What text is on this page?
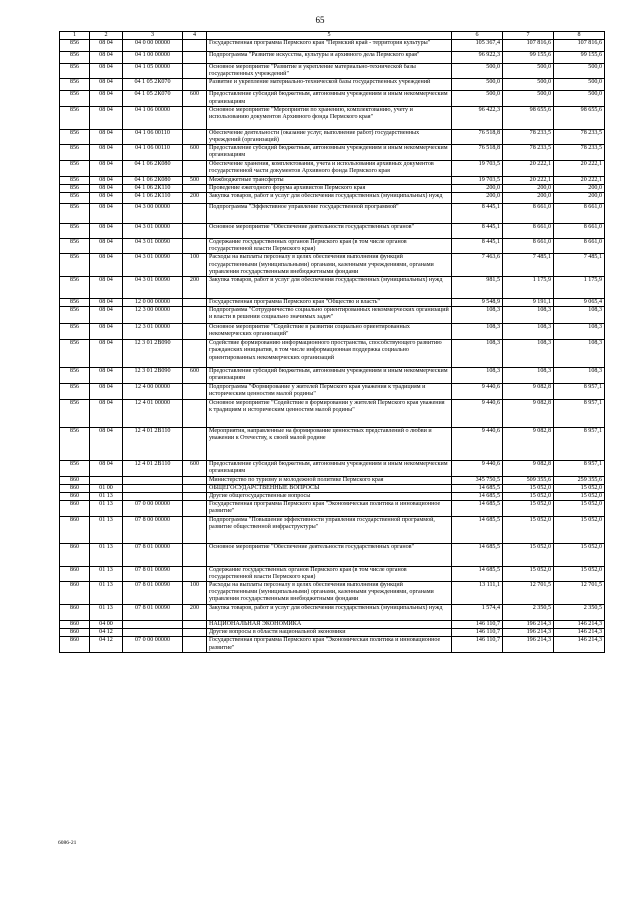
65
1	2	3	4	5	6	7	8
856	08 04	04 0 00 00000		Государственная программа Пермского края "Пермский край - территория культуры"	105 367,4	107 816,6	107 816,6
856	08 04	04 1 00 00000		Подпрограмма "Развитие искусства, культуры и архивного дела Пермского края"	96 922,3	99 155,6	99 155,6
856	08 04	04 1 05 00000		Основное мероприятие "Развитие и укрепление материально-технической базы государственных учреждений"	500,0	500,0	500,0
856	08 04	04 1 05 2К070		Развитие и укрепление материально-технической базы государственных учреждений	500,0	500,0	500,0
856	08 04	04 1 05 2К070	600	Предоставление субсидий бюджетным, автономным учреждениям и иным некоммерческим организациям	500,0	500,0	500,0
856	08 04	04 1 06 00000		Основное мероприятие "Мероприятия по хранению, комплектованию, учету и использованию документов Архивного фонда Пермского края"	96 422,3	98 655,6	98 655,6
856	08 04	04 1 06 00110		Обеспечение деятельности (оказание услуг, выполнение работ) государственных учреждений (организаций)	76 518,8	78 233,5	78 233,5
856	08 04	04 1 06 00110	600	Предоставление субсидий бюджетным, автономным учреждениям и иным некоммерческим организациям	76 518,8	78 233,5	78 233,5
856	08 04	04 1 06 2К080		Обеспечение хранения, комплектования, учета и использования архивных документов государственной части документов Архивного фонда Пермского края	19 703,5	20 222,1	20 222,1
856	08 04	04 1 06 2К080	500	Межбюджетные трансферты	19 703,5	20 222,1	20 222,1
856	08 04	04 1 06 2К110		Проведение ежегодного форума архивистов Пермского края	200,0	200,0	200,0
856	08 04	04 1 06 2К110	200	Закупка товаров, работ и услуг для обеспечения государственных (муниципальных) нужд	200,0	200,0	200,0
856	08 04	04 3 00 00000		Подпрограмма "Эффективное управление государственной программой"	8 445,1	8 661,0	8 661,0
856	08 04	04 3 01 00000		Основное мероприятие "Обеспечение деятельности государственных органов"	8 445,1	8 661,0	8 661,0
856	08 04	04 3 01 00090		Содержание государственных органов Пермского края (в том числе органов государственной власти Пермского края)	8 445,1	8 661,0	8 661,0
856	08 04	04 3 01 00090	100	Расходы на выплаты персоналу в целях обеспечения выполнения функций государственными (муниципальными) органами, казенными учреждениями, органами управления государственными внебюджетными фондами	7 463,6	7 485,1	7 485,1
856	08 04	04 3 01 00090	200	Закупка товаров, работ и услуг для обеспечения государственных (муниципальных) нужд	981,5	1 175,9	1 175,9
856	08 04	12 0 00 00000		Государственная программа Пермского края "Общество и власть"	9 548,9	9 191,1	9 065,4
856	08 04	12 3 00 00000		Подпрограмма "Сотрудничество социально ориентированных некоммерческих организаций и власти в решении социально значимых задач"	108,3	108,3	108,3
856	08 04	12 3 01 00000		Основное мероприятие "Содействие в развитии социально ориентированных некоммерческих организаций"	108,3	108,3	108,3
856	08 04	12 3 01 2В090		Содействие формированию информационного пространства, способствующего развитию гражданских инициатив, в том числе информационная поддержка социально ориентированных некоммерческих организаций	108,3	108,3	108,3
856	08 04	12 3 01 2В090	600	Предоставление субсидий бюджетным, автономным учреждениям и иным некоммерческим организациям	108,3	108,3	108,3
856	08 04	12 4 00 00000		Подпрограмма "Формирование у жителей Пермского края уважения к традициям и историческим ценностям малой родины"	9 440,6	9 082,8	8 957,1
856	08 04	12 4 01 00000		Основное мероприятие "Содействие в формировании у жителей Пермского края уважения к традициям и историческим ценностям малой родины"	9 440,6	9 082,8	8 957,1
856	08 04	12 4 01 2В110		Мероприятия, направленные на формирование ценностных представлений о любви и уважении к Отечеству, к своей малой родине	9 440,6	9 082,8	8 957,1
856	08 04	12 4 01 2В110	600	Предоставление субсидий бюджетным, автономным учреждениям и иным некоммерческим организациям	9 440,6	9 082,8	8 957,1
860				Министерство по туризму и молодежной политике Пермского края	345 750,5	509 355,6	259 355,6
860	01 00			ОБЩЕГОСУДАРСТВЕННЫЕ ВОПРОСЫ	14 685,5	15 052,0	15 052,0
860	01 13			Другие общегосударственные вопросы	14 685,5	15 052,0	15 052,0
860	01 13	07 0 00 00000		Государственная программа Пермского края "Экономическая политика и инновационное развитие"	14 685,5	15 052,0	15 052,0
860	01 13	07 8 00 00000		Подпрограмма "Повышение эффективности управления государственной программой, развитие общественной инфраструктуры"	14 685,5	15 052,0	15 052,0
860	01 13	07 8 01 00000		Основное мероприятие "Обеспечение деятельности государственных органов"	14 685,5	15 052,0	15 052,0
860	01 13	07 8 01 00090		Содержание государственных органов Пермского края (в том числе органов государственной власти Пермского края)	14 685,5	15 052,0	15 052,0
860	01 13	07 8 01 00090	100	Расходы на выплаты персоналу в целях обеспечения выполнения функций государственными (муниципальными) органами, казенными учреждениями, органами управления государственными внебюджетными фондами	13 111,1	12 701,5	12 701,5
860	01 13	07 8 01 00090	200	Закупка товаров, работ и услуг для обеспечения государственных (муниципальных) нужд	1 574,4	2 350,5	2 350,5
860	04 00			НАЦИОНАЛЬНАЯ ЭКОНОМИКА	146 110,7	196 214,3	146 214,3
860	04 12			Другие вопросы в области национальной экономики	146 110,7	196 214,3	146 214,3
860	04 12	07 0 00 00000		Государственная программа Пермского края "Экономическая политика и инновационное развитие"	146 110,7	196 214,3	146 214,3
6086-21
